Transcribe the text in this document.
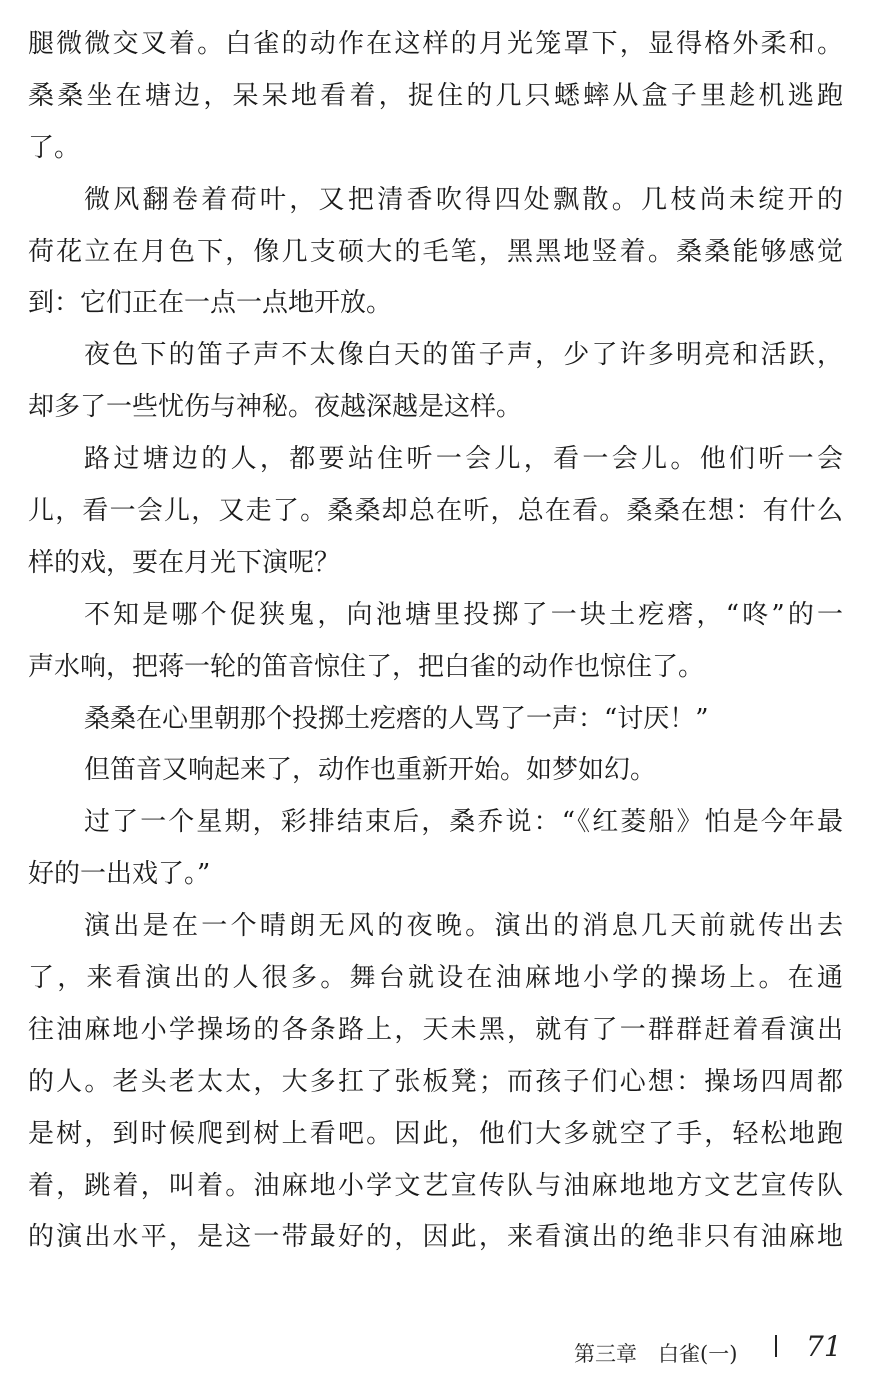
腿微微交叉着。白雀的动作在这样的月光笼罩下，显得格外柔和。
桑桑坐在塘边，呆呆地看着，捉住的几只蟋蟀从盒子里趁机逃跑
了。
微风翻卷着荷叶，又把清香吹得四处飘散。几枝尚未绽开的
荷花立在月色下，像几支硕大的毛笔，黑黑地竖着。桑桑能够感觉
到：它们正在一点一点地开放。
夜色下的笛子声不太像白天的笛子声，少了许多明亮和活跃，
却多了一些忧伤与神秘。夜越深越是这样。
路过塘边的人，都要站住听一会儿，看一会儿。他们听一会
儿，看一会儿，又走了。桑桑却总在听，总在看。桑桑在想：有什么
样的戏，要在月光下演呢？
不知是哪个促狭鬼，向池塘里投掷了一块土疙瘩，“咚”的一
声水响，把蒋一轮的笛音惊住了，把白雀的动作也惊住了。
桑桑在心里朝那个投掷土疙瘩的人骂了一声：“讨厌！”
但笛音又响起来了，动作也重新开始。如梦如幻。
过了一个星期，彩排结束后，桑乔说：“《红菱船》怕是今年最
好的一出戏了。”
演出是在一个晴朗无风的夜晚。演出的消息几天前就传出去
了，来看演出的人很多。舞台就设在油麻地小学的操场上。在通
往油麻地小学操场的各条路上，天未黑，就有了一群群赶着看演出
的人。老头老太太，大多扛了张板凳；而孩子们心想：操场四周都
是树，到时候爬到树上看吧。因此，他们大多就空了手，轻松地跑
着，跳着，叫着。油麻地小学文艺宣传队与油麻地地方文艺宣传队
的演出水平，是这一带最好的，因此，来看演出的绝非只有油麻地
第三章　白雀(一) 71
